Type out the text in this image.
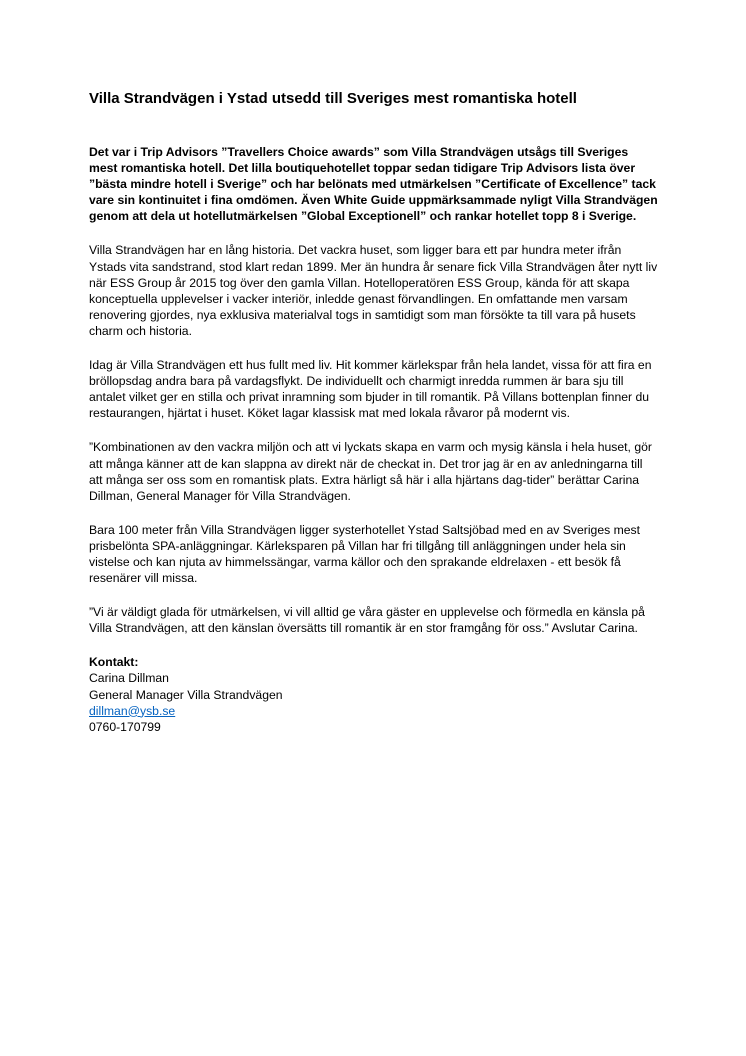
Villa Strandvägen i Ystad utsedd till Sveriges mest romantiska hotell

Det var i Trip Advisors ”Travellers Choice awards” som Villa Strandvägen utsågs till Sveriges mest romantiska hotell. Det lilla boutiquehotellet toppar sedan tidigare Trip Advisors lista över ”bästa mindre hotell i Sverige” och har belönats med utmärkelsen ”Certificate of Excellence” tack vare sin kontinuitet i fina omdömen. Även White Guide uppmärksammade nyligt Villa Strandvägen genom att dela ut hotellutmärkelsen ”Global Exceptionell” och rankar hotellet topp 8 i Sverige.

Villa Strandvägen har en lång historia. Det vackra huset, som ligger bara ett par hundra meter ifrån Ystads vita sandstrand, stod klart redan 1899. Mer än hundra år senare fick Villa Strandvägen åter nytt liv när ESS Group år 2015 tog över den gamla Villan. Hotelloperatören ESS Group, kända för att skapa konceptuella upplevelser i vacker interiör, inledde genast förvandlingen. En omfattande men varsam renovering gjordes, nya exklusiva materialval togs in samtidigt som man försökte ta till vara på husets charm och historia.

Idag är Villa Strandvägen ett hus fullt med liv. Hit kommer kärlekspar från hela landet, vissa för att fira en bröllopsdag andra bara på vardagsflykt. De individuellt och charmigt inredda rummen är bara sju till antalet vilket ger en stilla och privat inramning som bjuder in till romantik. På Villans bottenplan finner du restaurangen, hjärtat i huset. Köket lagar klassisk mat med lokala råvaror på modernt vis.

”Kombinationen av den vackra miljön och att vi lyckats skapa en varm och mysig känsla i hela huset, gör att många känner att de kan slappna av direkt när de checkat in. Det tror jag är en av anledningarna till att många ser oss som en romantisk plats. Extra härligt så här i alla hjärtans dag-tider” berättar Carina Dillman, General Manager för Villa Strandvägen.

Bara 100 meter från Villa Strandvägen ligger systerhotellet Ystad Saltsjöbad med en av Sveriges mest prisbelönta SPA-anläggningar. Kärleksparen på Villan har fri tillgång till anläggningen under hela sin vistelse och kan njuta av himmelssängar, varma källor och den sprakande eldrelaxen - ett besök få resenärer vill missa.

”Vi är väldigt glada för utmärkelsen, vi vill alltid ge våra gäster en upplevelse och förmedla en känsla på Villa Strandvägen, att den känslan översätts till romantik är en stor framgång för oss.” Avslutar Carina.

Kontakt:
Carina Dillman
General Manager Villa Strandvägen
dillman@ysb.se
0760-170799
